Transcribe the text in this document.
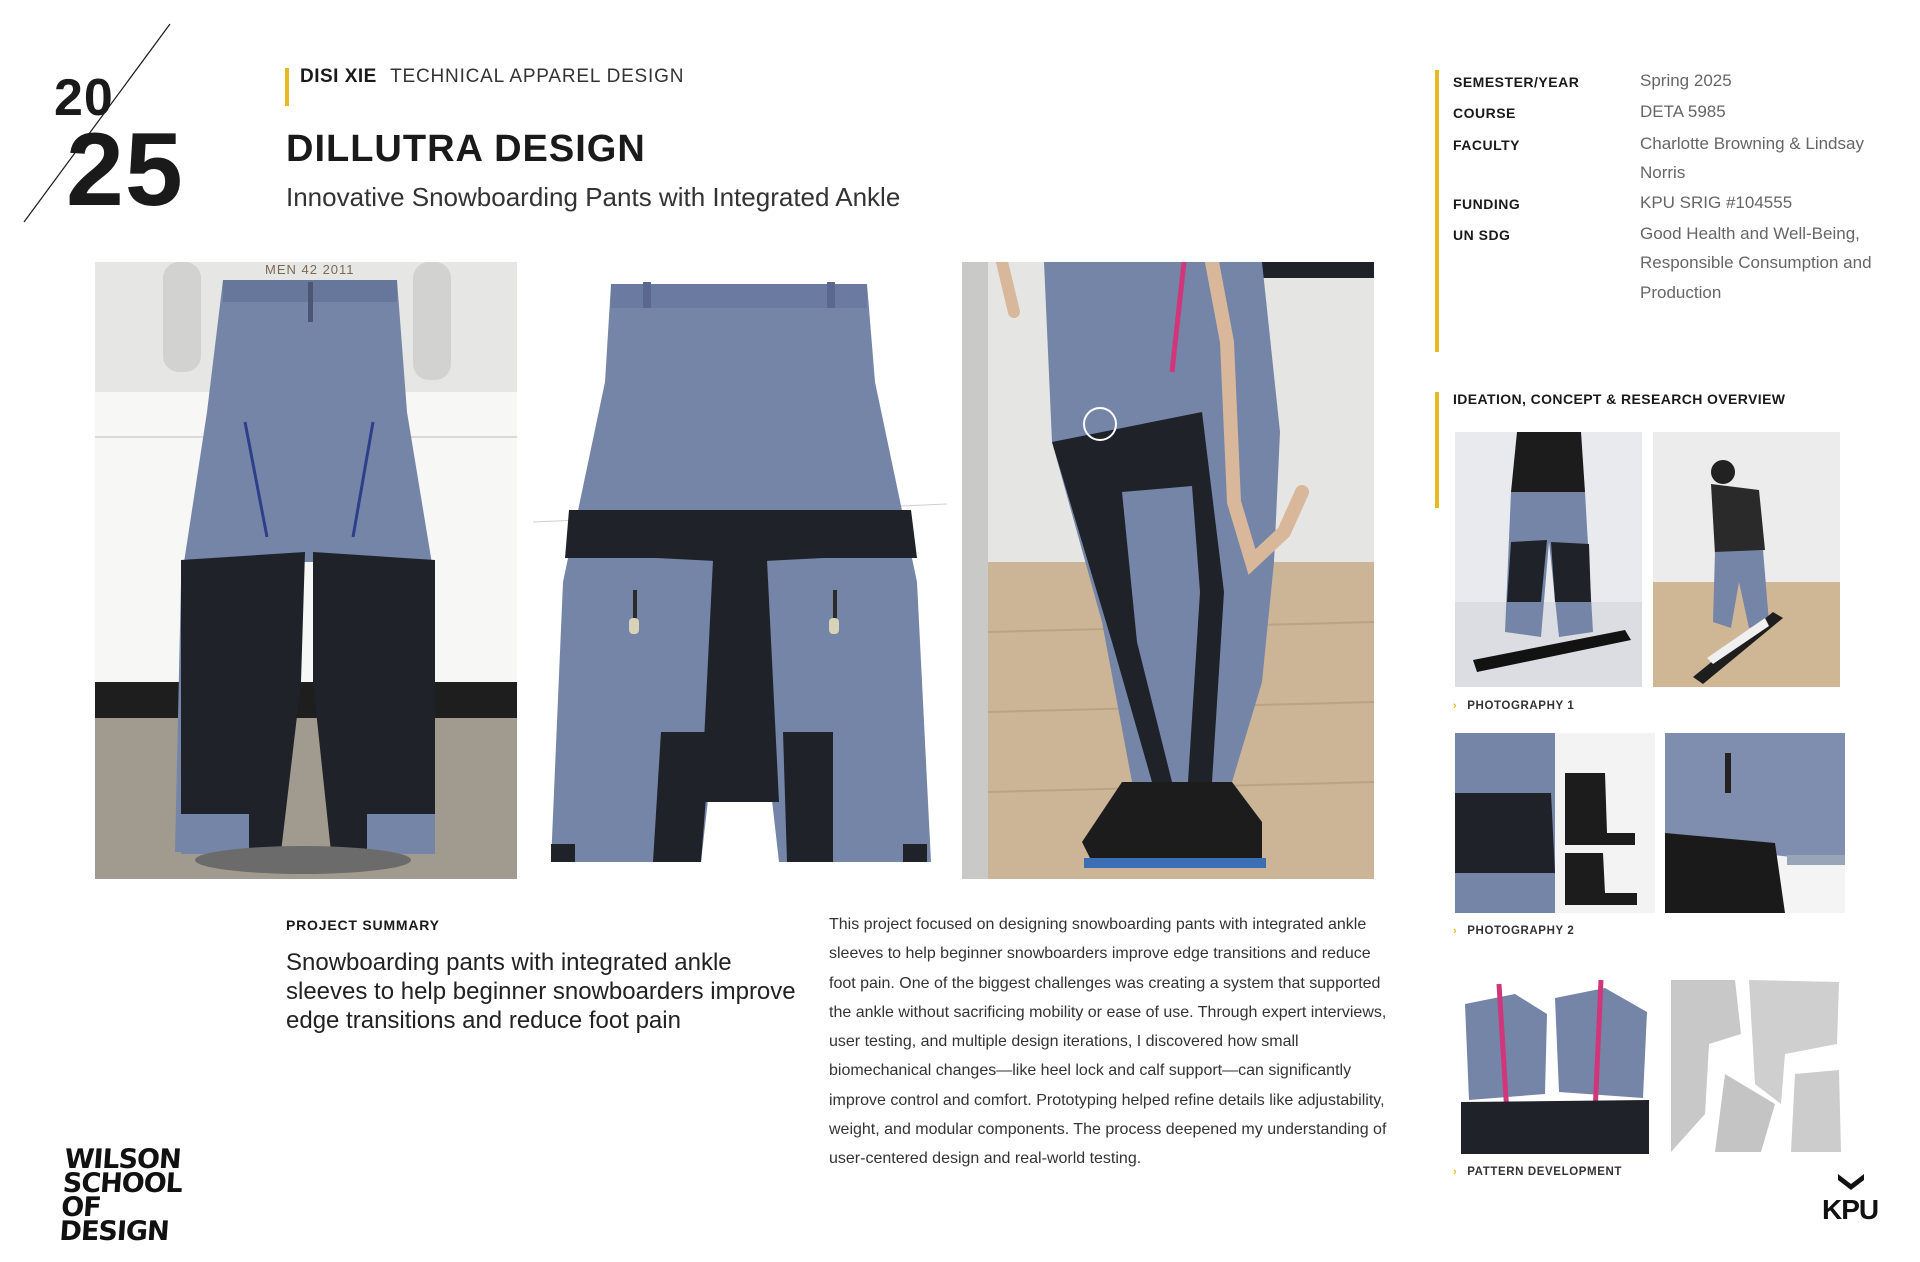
20
25
DISI XIE TECHNICAL APPAREL DESIGN
DILLUTRA DESIGN
Innovative Snowboarding Pants with Integrated Ankle
MEN 42 2011
PROJECT SUMMARY
Snowboarding pants with integrated ankle sleeves to help beginner snowboarders improve edge transitions and reduce foot pain
This project focused on designing snowboarding pants with integrated ankle sleeves to help beginner snowboarders improve edge transitions and reduce foot pain. One of the biggest challenges was creating a system that supported the ankle without sacrificing mobility or ease of use. Through expert interviews, user testing, and multiple design iterations, I discovered how small biomechanical changes—like heel lock and calf support—can significantly improve control and comfort. Prototyping helped refine details like adjustability, weight, and modular components. The process deepened my understanding of user-centered design and real-world testing.
WILSON
SCHOOL
OF DESIGN
KPU
SEMESTER/YEAR	Spring 2025
COURSE	DETA 5985
FACULTY	Charlotte Browning & Lindsay Norris
FUNDING	KPU SRIG #104555
UN SDG	Good Health and Well-Being, Responsible Consumption and Production
IDEATION, CONCEPT & RESEARCH OVERVIEW
› PHOTOGRAPHY 1
› PHOTOGRAPHY 2
› PATTERN DEVELOPMENT
